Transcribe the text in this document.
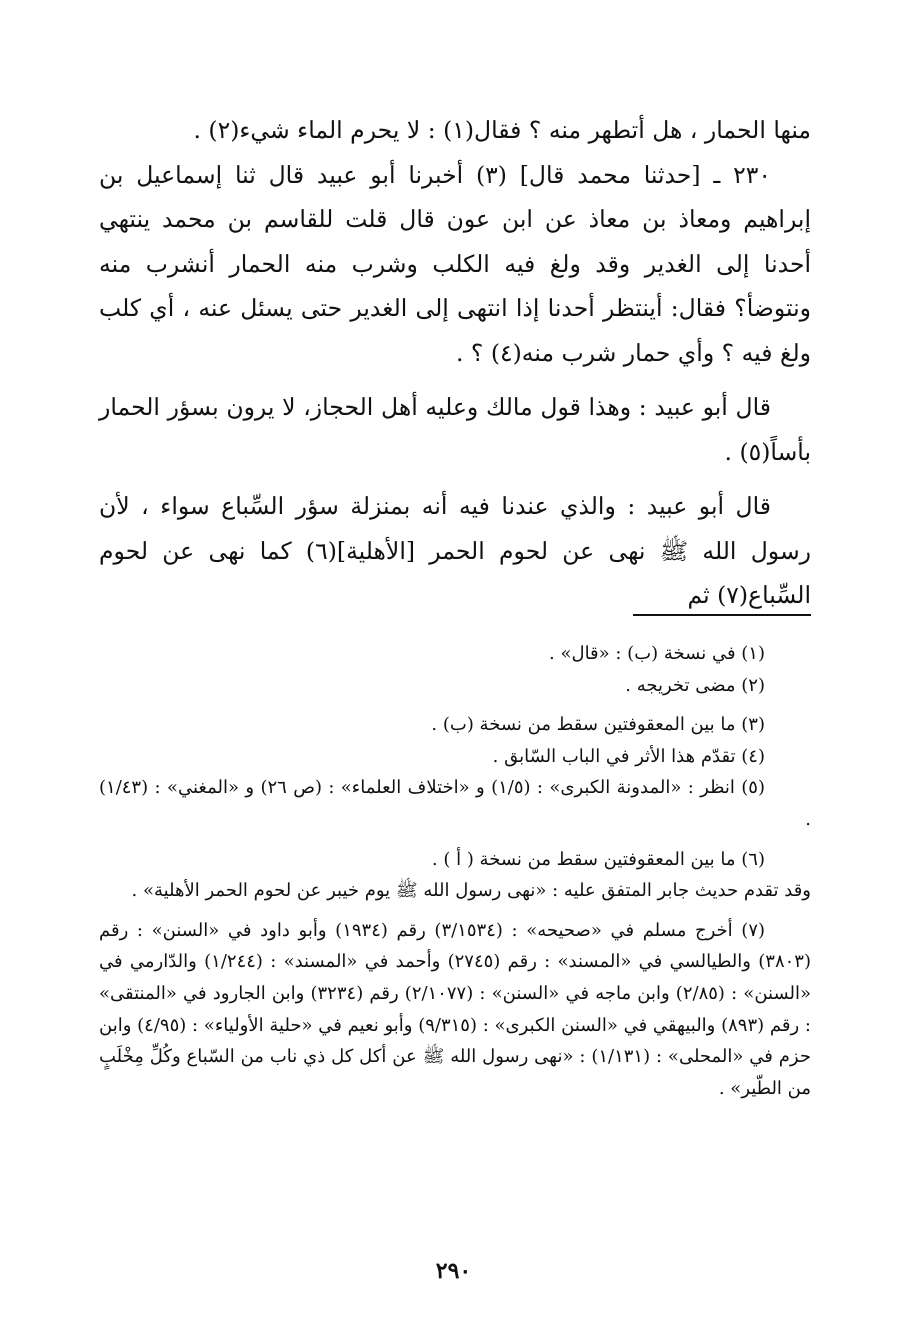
منها الحمار ، هل أتطهر منه ؟ فقال(١) : لا يحرم الماء شيء(٢) .

٢٣٠ ـ [حدثنا محمد قال] (٣) أخبرنا أبو عبيد قال ثنا إسماعيل بن إبراهيم ومعاذ بن معاذ عن ابن عون قال قلت للقاسم بن محمد ينتهي أحدنا إلى الغدير وقد ولغ فيه الكلب وشرب منه الحمار أنشرب منه ونتوضأ؟ فقال: أينتظر أحدنا إذا انتهى إلى الغدير حتى يسئل عنه ، أي كلب ولغ فيه ؟ وأي حمار شرب منه(٤) ؟ .

قال أبو عبيد : وهذا قول مالك وعليه أهل الحجاز، لا يرون بسؤر الحمار بأساً(٥) .

قال أبو عبيد : والذي عندنا فيه أنه بمنزلة سؤر السِّباع سواء ، لأن رسول الله ﷺ نهى عن لحوم الحمر [الأهلية](٦) كما نهى عن لحوم السِّباع(٧) ثم

(١) في نسخة (ب) : «قال» .

(٢) مضى تخريجه .

(٣) ما بين المعقوفتين سقط من نسخة (ب) .

(٤) تقدّم هذا الأثر في الباب السّابق .

(٥) انظر : «المدونة الكبرى» : (١/٥) و «اختلاف العلماء» : (ص ٢٦) و «المغني» : (١/٤٣) .

(٦) ما بين المعقوفتين سقط من نسخة ( أ ) .

وقد تقدم حديث جابر المتفق عليه : «نهى رسول الله ﷺ يوم خيبر عن لحوم الحمر الأهلية» .

(٧) أخرج مسلم في «صحيحه» : (٣/١٥٣٤) رقم (١٩٣٤) وأبو داود في «السنن» : رقم (٣٨٠٣) والطيالسي في «المسند» : رقم (٢٧٤٥) وأحمد في «المسند» : (١/٢٤٤) والدّارمي في «السنن» : (٢/٨٥) وابن ماجه في «السنن» : (٢/١٠٧٧) رقم (٣٢٣٤) وابن الجارود في «المنتقى» : رقم (٨٩٣) والبيهقي في «السنن الكبرى» : (٩/٣١٥) وأبو نعيم في «حلية الأولياء» : (٤/٩٥) وابن حزم في «المحلى» : (١/١٣١) : «نهى رسول الله ﷺ عن أكل كل ذي ناب من السّباع وكُلِّ مِخْلَبٍ من الطّير» .

٢٩٠
